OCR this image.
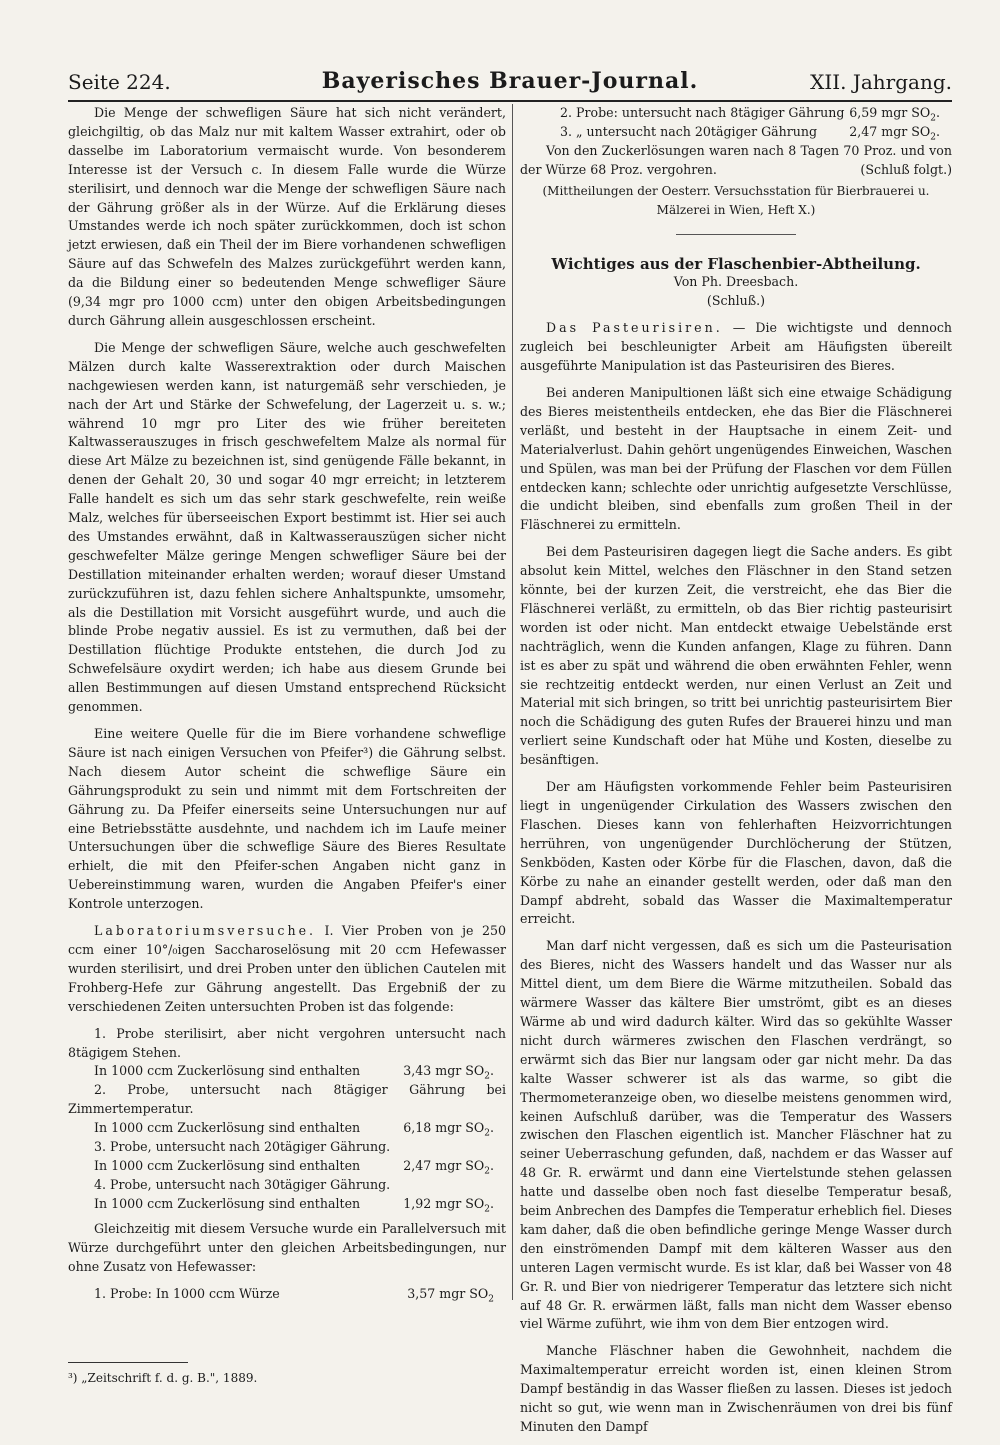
Seite 224.	Bayerisches Brauer-Journal.	XII. Jahrgang.

Die Menge der schwefligen Säure hat sich nicht verändert, gleichgiltig, ob das Malz nur mit kaltem Wasser extrahirt, oder ob dasselbe im Laboratorium vermaischt wurde. Von besonderem Interesse ist der Versuch c. In diesem Falle wurde die Würze sterilisirt, und dennoch war die Menge der schwefligen Säure nach der Gährung größer als in der Würze. Auf die Erklärung dieses Umstandes werde ich noch später zurückkommen, doch ist schon jetzt erwiesen, daß ein Theil der im Biere vorhandenen schwefligen Säure auf das Schwefeln des Malzes zurückgeführt werden kann, da die Bildung einer so bedeutenden Menge schwefliger Säure (9,34 mgr pro 1000 ccm) unter den obigen Arbeitsbedingungen durch Gährung allein ausgeschlossen erscheint.

Die Menge der schwefligen Säure, welche auch geschwefelten Mälzen durch kalte Wasserextraktion oder durch Maischen nachgewiesen werden kann, ist naturgemäß sehr verschieden, je nach der Art und Stärke der Schwefelung, der Lagerzeit u. s. w.; während 10 mgr pro Liter des wie früher bereiteten Kaltwasserauszuges in frisch geschwefeltem Malze als normal für diese Art Mälze zu bezeichnen ist, sind genügende Fälle bekannt, in denen der Gehalt 20, 30 und sogar 40 mgr erreicht; in letzterem Falle handelt es sich um das sehr stark geschwefelte, rein weiße Malz, welches für überseeischen Export bestimmt ist. Hier sei auch des Umstandes erwähnt, daß in Kaltwasserauszügen sicher nicht geschwefelter Mälze geringe Mengen schwefliger Säure bei der Destillation miteinander erhalten werden; worauf dieser Umstand zurückzuführen ist, dazu fehlen sichere Anhaltspunkte, umsomehr, als die Destillation mit Vorsicht ausgeführt wurde, und auch die blinde Probe negativ aussiel. Es ist zu vermuthen, daß bei der Destillation flüchtige Produkte entstehen, die durch Jod zu Schwefelsäure oxydirt werden; ich habe aus diesem Grunde bei allen Bestimmungen auf diesen Umstand entsprechend Rücksicht genommen.

Eine weitere Quelle für die im Biere vorhandene schweflige Säure ist nach einigen Versuchen von Pfeifer³) die Gährung selbst. Nach diesem Autor scheint die schweflige Säure ein Gährungsprodukt zu sein und nimmt mit dem Fortschreiten der Gährung zu. Da Pfeifer einerseits seine Untersuchungen nur auf eine Betriebsstätte ausdehnte, und nachdem ich im Laufe meiner Untersuchungen über die schweflige Säure des Bieres Resultate erhielt, die mit den Pfeifer-schen Angaben nicht ganz in Uebereinstimmung waren, wurden die Angaben Pfeifer's einer Kontrole unterzogen.

Laboratoriumsversuche. I. Vier Proben von je 250 ccm einer 10°/₀igen Saccharoselösung mit 20 ccm Hefewasser wurden sterilisirt, und drei Proben unter den üblichen Cautelen mit Frohberg-Hefe zur Gährung angestellt. Das Ergebniß der zu verschiedenen Zeiten untersuchten Proben ist das folgende:

1. Probe sterilisirt, aber nicht vergohren untersucht nach 8tägigem Stehen.

In 1000 ccm Zuckerlösung sind enthalten	3,43 mgr $SO_2$.

2. Probe, untersucht nach 8tägiger Gährung bei Zimmertemperatur.

In 1000 ccm Zuckerlösung sind enthalten	6,18 mgr $SO_2$.

3. Probe, untersucht nach 20tägiger Gährung.

In 1000 ccm Zuckerlösung sind enthalten	2,47 mgr $SO_2$.

4. Probe, untersucht nach 30tägiger Gährung.

In 1000 ccm Zuckerlösung sind enthalten	1,92 mgr $SO_2$.

Gleichzeitig mit diesem Versuche wurde ein Parallelversuch mit Würze durchgeführt unter den gleichen Arbeitsbedingungen, nur ohne Zusatz von Hefewasser:

1. Probe: In 1000 ccm Würze	3,57 mgr $SO_2$
³) „Zeitschrift f. d. g. B.", 1889.
2. Probe: untersucht nach 8tägiger Gährung 6,59 mgr $SO_2$.
3. „ untersucht nach 20tägiger Gährung	2,47 mgr $SO_2$.

Von den Zuckerlösungen waren nach 8 Tagen 70 Proz. und von der Würze 68 Proz. vergohren.	(Schluß folgt.)
(Mittheilungen der Oesterr. Versuchsstation für Bierbrauerei u. Mälzerei in Wien, Heft X.)
Wichtiges aus der Flaschenbier-Abtheilung.
Von Ph. Dreesbach.
(Schluß.)

Das Pasteurisiren. — Die wichtigste und dennoch zugleich bei beschleunigter Arbeit am Häufigsten übereilt ausgeführte Manipulation ist das Pasteurisiren des Bieres.

Bei anderen Manipultionen läßt sich eine etwaige Schädigung des Bieres meistentheils entdecken, ehe das Bier die Fläschnerei verläßt, und besteht in der Hauptsache in einem Zeit- und Materialverlust. Dahin gehört ungenügendes Einweichen, Waschen und Spülen, was man bei der Prüfung der Flaschen vor dem Füllen entdecken kann; schlechte oder unrichtig aufgesetzte Verschlüsse, die undicht bleiben, sind ebenfalls zum großen Theil in der Fläschnerei zu ermitteln.

Bei dem Pasteurisiren dagegen liegt die Sache anders. Es gibt absolut kein Mittel, welches den Fläschner in den Stand setzen könnte, bei der kurzen Zeit, die verstreicht, ehe das Bier die Fläschnerei verläßt, zu ermitteln, ob das Bier richtig pasteurisirt worden ist oder nicht. Man entdeckt etwaige Uebelstände erst nachträglich, wenn die Kunden anfangen, Klage zu führen. Dann ist es aber zu spät und während die oben erwähnten Fehler, wenn sie rechtzeitig entdeckt werden, nur einen Verlust an Zeit und Material mit sich bringen, so tritt bei unrichtig pasteurisirtem Bier noch die Schädigung des guten Rufes der Brauerei hinzu und man verliert seine Kundschaft oder hat Mühe und Kosten, dieselbe zu besänftigen.

Der am Häufigsten vorkommende Fehler beim Pasteurisiren liegt in ungenügender Cirkulation des Wassers zwischen den Flaschen. Dieses kann von fehlerhaften Heizvorrichtungen herrühren, von ungenügender Durchlöcherung der Stützen, Senkböden, Kasten oder Körbe für die Flaschen, davon, daß die Körbe zu nahe an einander gestellt werden, oder daß man den Dampf abdreht, sobald das Wasser die Maximaltemperatur erreicht.

Man darf nicht vergessen, daß es sich um die Pasteurisation des Bieres, nicht des Wassers handelt und das Wasser nur als Mittel dient, um dem Biere die Wärme mitzutheilen. Sobald das wärmere Wasser das kältere Bier umströmt, gibt es an dieses Wärme ab und wird dadurch kälter. Wird das so gekühlte Wasser nicht durch wärmeres zwischen den Flaschen verdrängt, so erwärmt sich das Bier nur langsam oder gar nicht mehr. Da das kalte Wasser schwerer ist als das warme, so gibt die Thermometeranzeige oben, wo dieselbe meistens genommen wird, keinen Aufschluß darüber, was die Temperatur des Wassers zwischen den Flaschen eigentlich ist. Mancher Fläschner hat zu seiner Ueberraschung gefunden, daß, nachdem er das Wasser auf 48 Gr. R. erwärmt und dann eine Viertelstunde stehen gelassen hatte und dasselbe oben noch fast dieselbe Temperatur besaß, beim Anbrechen des Dampfes die Temperatur erheblich fiel. Dieses kam daher, daß die oben befindliche geringe Menge Wasser durch den einströmenden Dampf mit dem kälteren Wasser aus den unteren Lagen vermischt wurde. Es ist klar, daß bei Wasser von 48 Gr. R. und Bier von niedrigerer Temperatur das letztere sich nicht auf 48 Gr. R. erwärmen läßt, falls man nicht dem Wasser ebenso viel Wärme zuführt, wie ihm von dem Bier entzogen wird.

Manche Fläschner haben die Gewohnheit, nachdem die Maximaltemperatur erreicht worden ist, einen kleinen Strom Dampf beständig in das Wasser fließen zu lassen. Dieses ist jedoch nicht so gut, wie wenn man in Zwischenräumen von drei bis fünf Minuten den Dampf
